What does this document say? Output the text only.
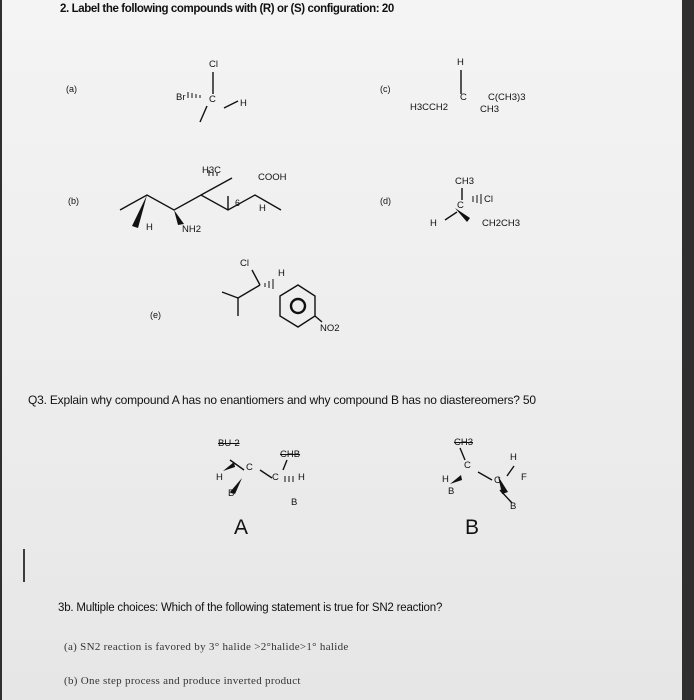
2. Label the following compounds with (R) or (S) configuration: 20
(a)	(c)
(b)	(d)
(e)
Cl
Br C	H
H
H3CCH2
C C(CH3)3
CH3
H3C
COOH
6 H
H	NH2
CH3
C
Cl
H	CH2CH3
Cl
H
NO2
Q3. Explain why compound A has no enantiomers and why compound B has no diastereomers? 50
BU-2
CHB
H
C
C H
B
B
A
CH3
H
C
C
H
F
B
B
B
3b. Multiple choices: Which of the following statement is true for SN2 reaction?
(a) SN2 reaction is favored by 3° halide >2°halide>1° halide
(b) One step process and produce inverted product
